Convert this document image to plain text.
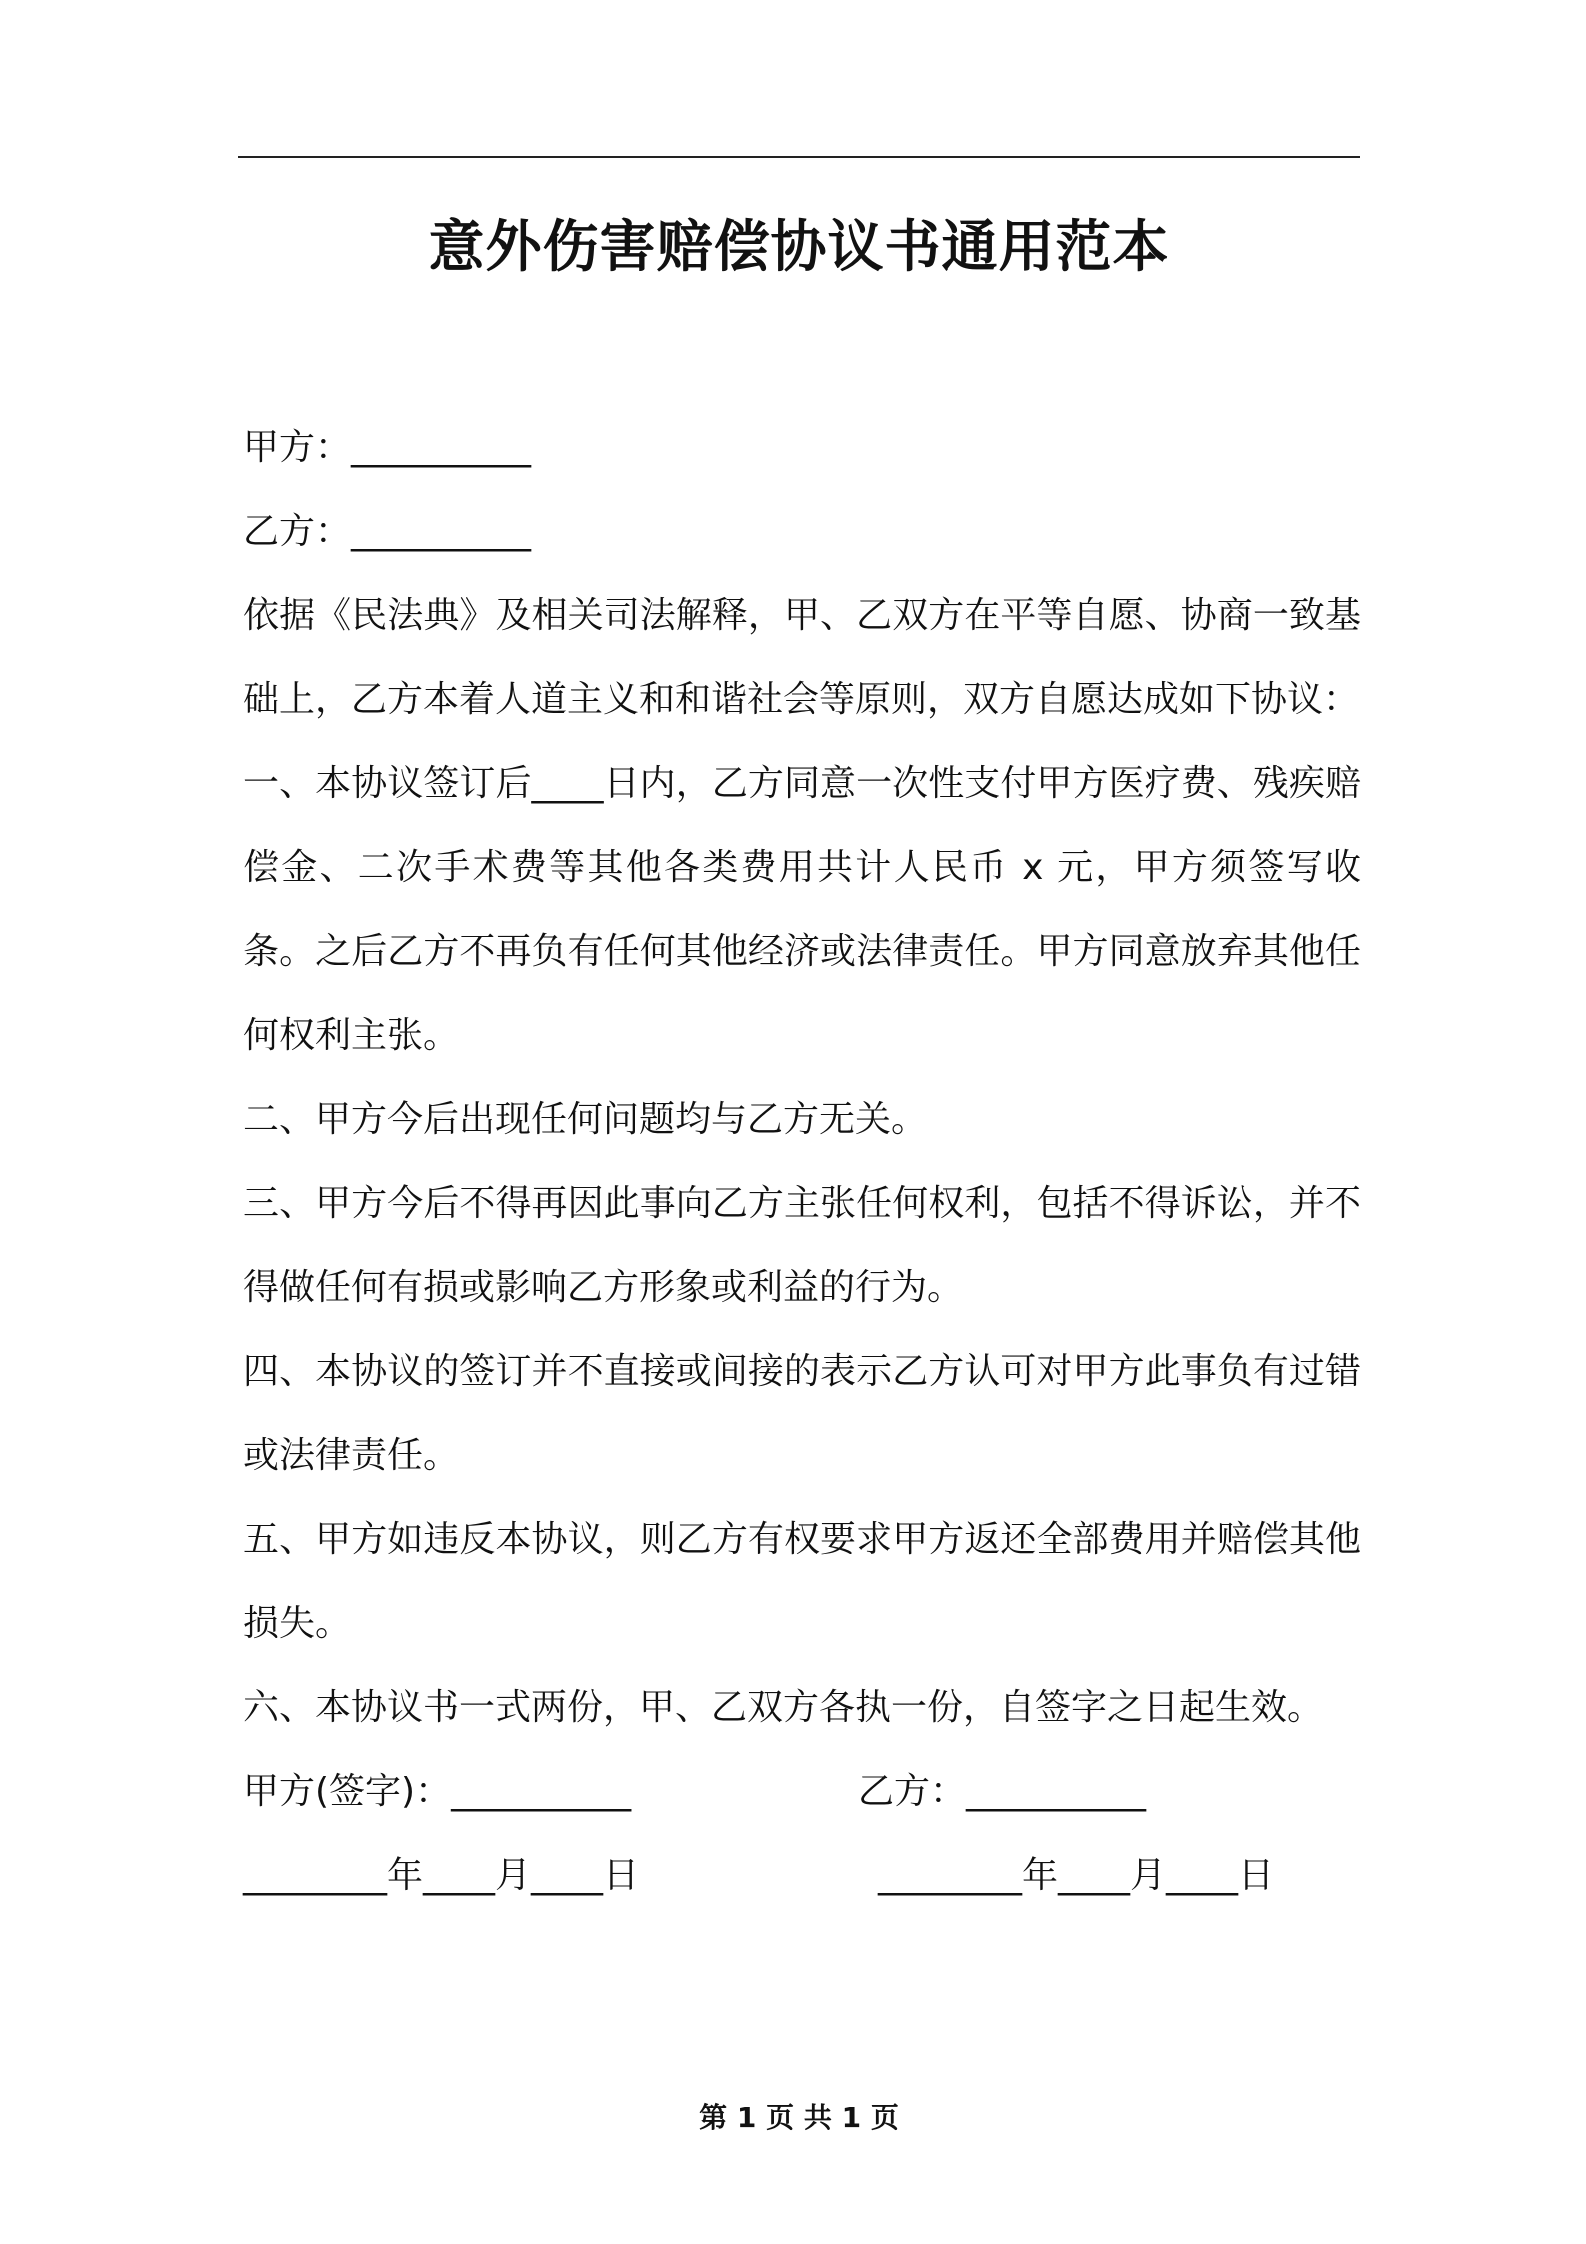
意外伤害赔偿协议书通用范本

甲方：__________

乙方：__________

依据《民法典》及相关司法解释，甲、乙双方在平等自愿、协商一致基础上，乙方本着人道主义和和谐社会等原则，双方自愿达成如下协议：

一、本协议签订后____日内，乙方同意一次性支付甲方医疗费、残疾赔偿金、二次手术费等其他各类费用共计人民币 x 元，甲方须签写收条。之后乙方不再负有任何其他经济或法律责任。甲方同意放弃其他任何权利主张。

二、甲方今后出现任何问题均与乙方无关。

三、甲方今后不得再因此事向乙方主张任何权利，包括不得诉讼，并不得做任何有损或影响乙方形象或利益的行为。

四、本协议的签订并不直接或间接的表示乙方认可对甲方此事负有过错或法律责任。

五、甲方如违反本协议，则乙方有权要求甲方返还全部费用并赔偿其他损失。

六、本协议书一式两份，甲、乙双方各执一份，自签字之日起生效。

甲方(签字)：__________	乙方：__________
________年____月____日	________年____月____日
第 1 页 共 1 页
